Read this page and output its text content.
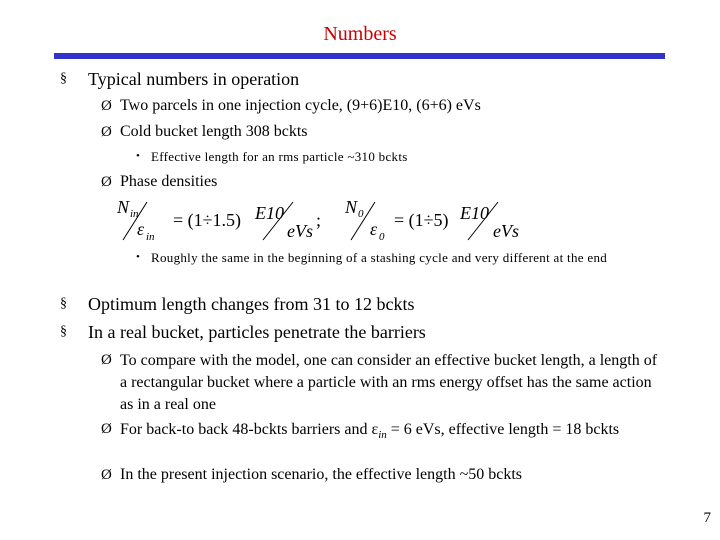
Numbers
§ Typical numbers in operation
Ø Two parcels in one injection cycle, (9+6)E10, (6+6) eVs
Ø Cold bucket length 308 bckts
• Effective length for an rms particle ~310 bckts
Ø Phase densities
N in
ε in
= (1÷1.5) E10
eVs
;
N 0
ε 0
= (1÷5) E10
eVs
• Roughly the same in the beginning of a stashing cycle and very different at the end
§ Optimum length changes from 31 to 12 bckts
§ In a real bucket, particles penetrate the barriers
Ø To compare with the model, one can consider an effective bucket length, a length of a rectangular bucket where a particle with an rms energy offset has the same action as in a real one
Ø For back-to back 48-bckts barriers and $\varepsilon_{in} = 6$ eVs, effective length = 18 bckts
Ø In the present injection scenario, the effective length ~50 bckts
7
